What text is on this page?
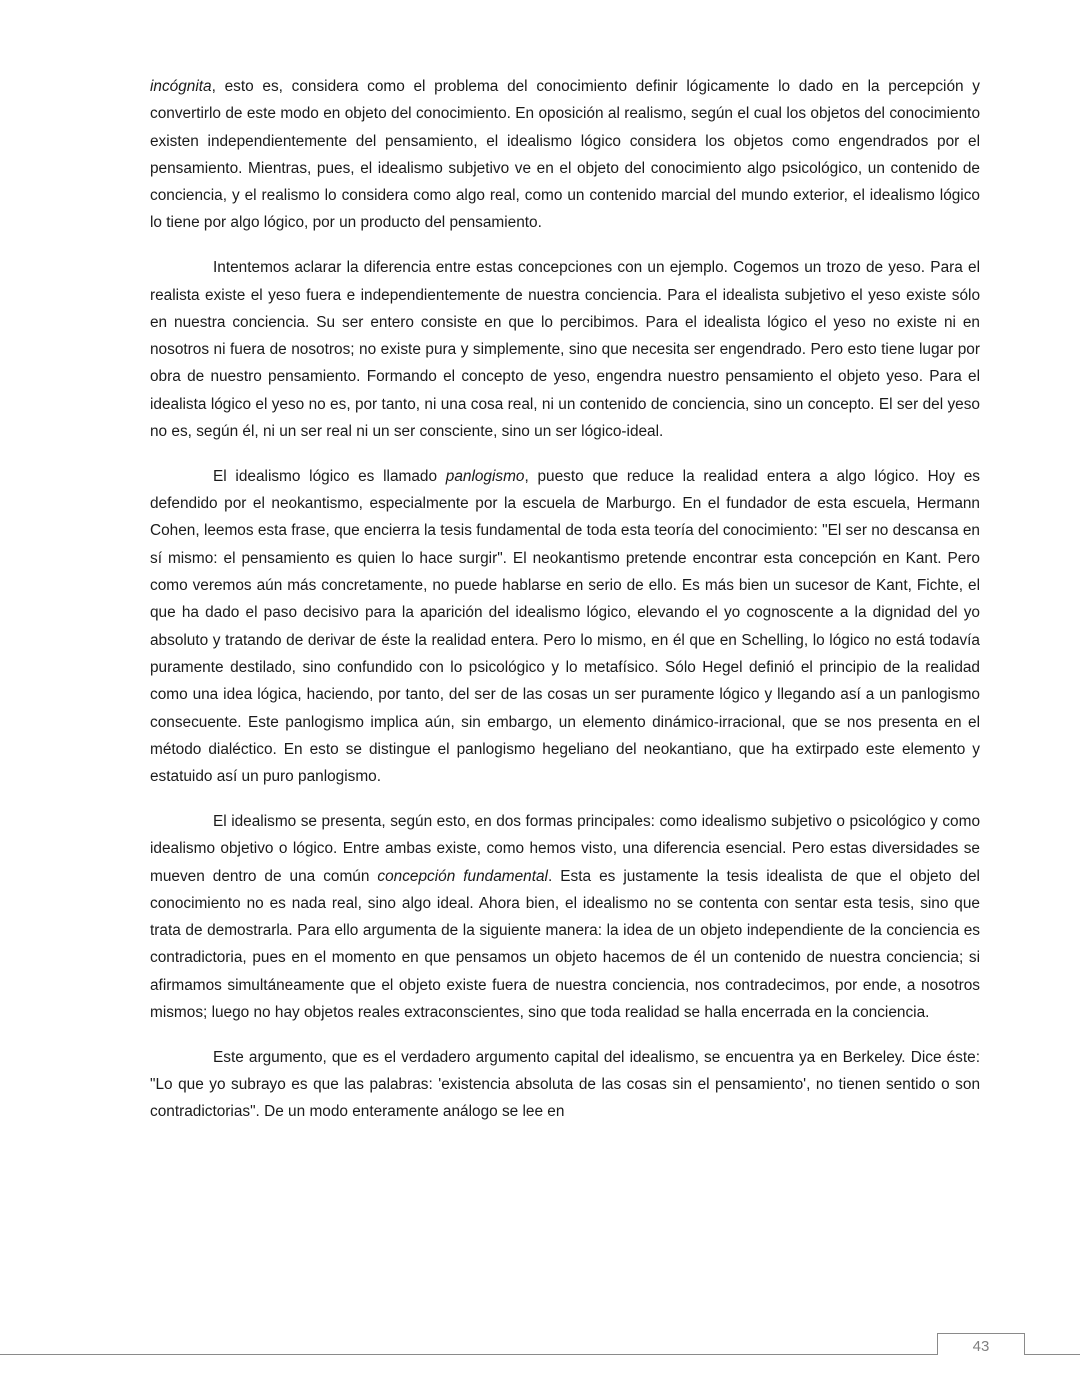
incógnita, esto es, considera como el problema del conocimiento definir lógicamente lo dado en la percepción y convertirlo de este modo en objeto del conocimiento. En oposición al realismo, según el cual los objetos del conocimiento existen independientemente del pensamiento, el idealismo lógico considera los objetos como engendrados por el pensamiento. Mientras, pues, el idealismo subjetivo ve en el objeto del conocimiento algo psicológico, un contenido de conciencia, y el realismo lo considera como algo real, como un contenido marcial del mundo exterior, el idealismo lógico lo tiene por algo lógico, por un producto del pensamiento.

Intentemos aclarar la diferencia entre estas concepciones con un ejemplo. Cogemos un trozo de yeso. Para el realista existe el yeso fuera e independientemente de nuestra conciencia. Para el idealista subjetivo el yeso existe sólo en nuestra conciencia. Su ser entero consiste en que lo percibimos. Para el idealista lógico el yeso no existe ni en nosotros ni fuera de nosotros; no existe pura y simplemente, sino que necesita ser engendrado. Pero esto tiene lugar por obra de nuestro pensamiento. Formando el concepto de yeso, engendra nuestro pensamiento el objeto yeso. Para el idealista lógico el yeso no es, por tanto, ni una cosa real, ni un contenido de conciencia, sino un concepto. El ser del yeso no es, según él, ni un ser real ni un ser consciente, sino un ser lógico-ideal.

El idealismo lógico es llamado panlogismo, puesto que reduce la realidad entera a algo lógico. Hoy es defendido por el neokantismo, especialmente por la escuela de Marburgo. En el fundador de esta escuela, Hermann Cohen, leemos esta frase, que encierra la tesis fundamental de toda esta teoría del conocimiento: "El ser no descansa en sí mismo: el pensamiento es quien lo hace surgir". El neokantismo pretende encontrar esta concepción en Kant. Pero como veremos aún más concretamente, no puede hablarse en serio de ello. Es más bien un sucesor de Kant, Fichte, el que ha dado el paso decisivo para la aparición del idealismo lógico, elevando el yo cognoscente a la dignidad del yo absoluto y tratando de derivar de éste la realidad entera. Pero lo mismo, en él que en Schelling, lo lógico no está todavía puramente destilado, sino confundido con lo psicológico y lo metafísico. Sólo Hegel definió el principio de la realidad como una idea lógica, haciendo, por tanto, del ser de las cosas un ser puramente lógico y llegando así a un panlogismo consecuente. Este panlogismo implica aún, sin embargo, un elemento dinámico-irracional, que se nos presenta en el método dialéctico. En esto se distingue el panlogismo hegeliano del neokantiano, que ha extirpado este elemento y estatuido así un puro panlogismo.

El idealismo se presenta, según esto, en dos formas principales: como idealismo subjetivo o psicológico y como idealismo objetivo o lógico. Entre ambas existe, como hemos visto, una diferencia esencial. Pero estas diversidades se mueven dentro de una común concepción fundamental. Esta es justamente la tesis idealista de que el objeto del conocimiento no es nada real, sino algo ideal. Ahora bien, el idealismo no se contenta con sentar esta tesis, sino que trata de demostrarla. Para ello argumenta de la siguiente manera: la idea de un objeto independiente de la conciencia es contradictoria, pues en el momento en que pensamos un objeto hacemos de él un contenido de nuestra conciencia; si afirmamos simultáneamente que el objeto existe fuera de nuestra conciencia, nos contradecimos, por ende, a nosotros mismos; luego no hay objetos reales extraconscientes, sino que toda realidad se halla encerrada en la conciencia.

Este argumento, que es el verdadero argumento capital del idealismo, se encuentra ya en Berkeley. Dice éste: "Lo que yo subrayo es que las palabras: 'existencia absoluta de las cosas sin el pensamiento', no tienen sentido o son contradictorias". De un modo enteramente análogo se lee en

43
